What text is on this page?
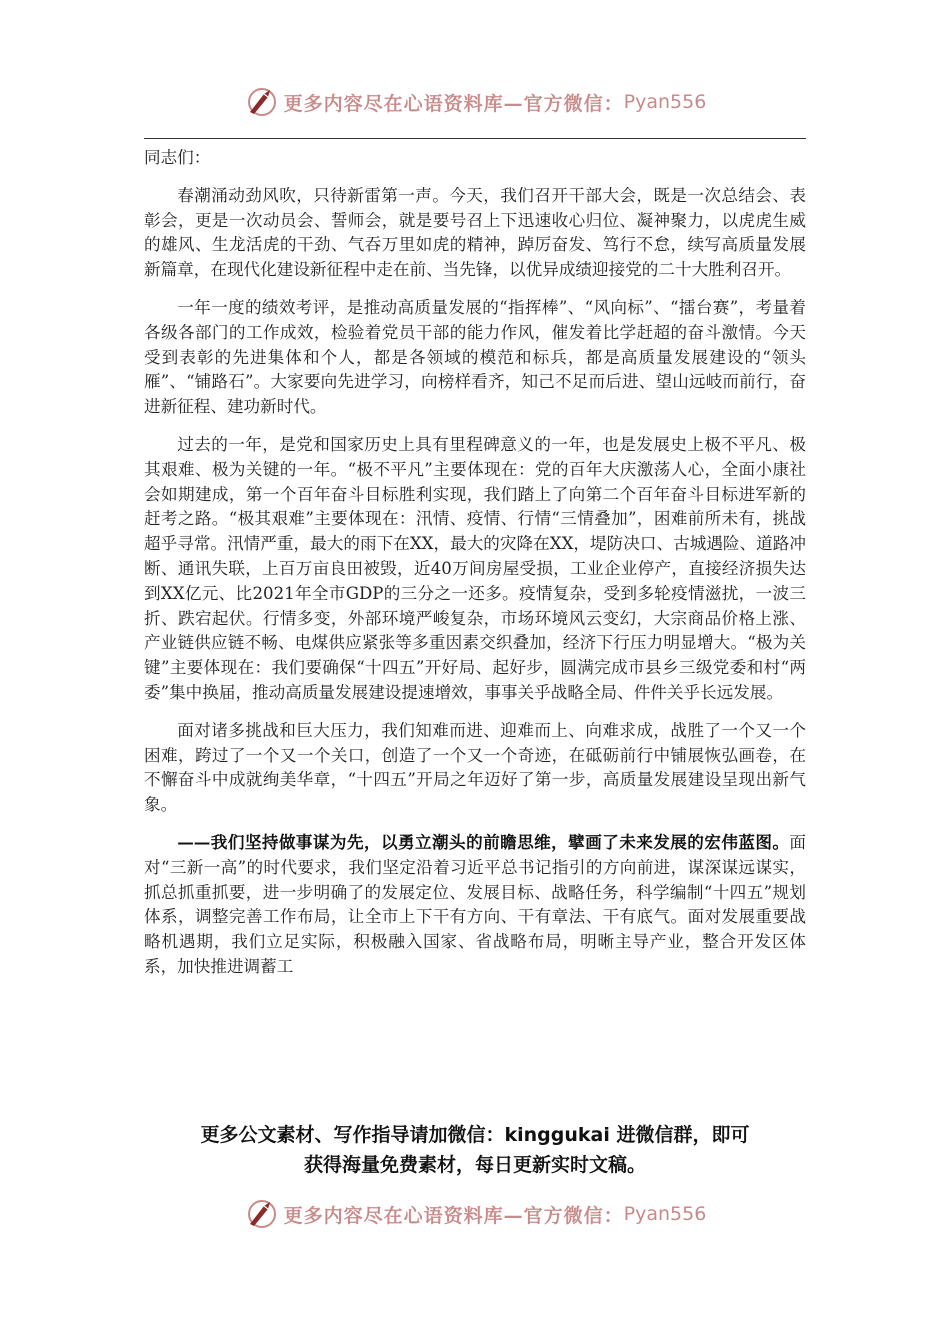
更多内容尽在心语资料库—官方微信： Pyan556

同志们：

春潮涌动劲风吹，只待新雷第一声。今天，我们召开干部大会，既是一次总结会、表彰会，更是一次动员会、誓师会，就是要号召上下迅速收心归位、凝神聚力，以虎虎生威的雄风、生龙活虎的干劲、气吞万里如虎的精神，踔厉奋发、笃行不怠，续写高质量发展新篇章，在现代化建设新征程中走在前、当先锋，以优异成绩迎接党的二十大胜利召开。

一年一度的绩效考评，是推动高质量发展的“指挥棒”、“风向标”、“擂台赛”，考量着各级各部门的工作成效，检验着党员干部的能力作风，催发着比学赶超的奋斗激情。今天受到表彰的先进集体和个人，都是各领域的模范和标兵，都是高质量发展建设的“领头雁”、“铺路石”。大家要向先进学习，向榜样看齐，知己不足而后进、望山远岐而前行，奋进新征程、建功新时代。

过去的一年，是党和国家历史上具有里程碑意义的一年，也是发展史上极不平凡、极其艰难、极为关键的一年。“极不平凡”主要体现在：党的百年大庆激荡人心，全面小康社会如期建成，第一个百年奋斗目标胜利实现，我们踏上了向第二个百年奋斗目标进军新的赶考之路。“极其艰难”主要体现在：汛情、疫情、行情“三情叠加”，困难前所未有，挑战超乎寻常。汛情严重，最大的雨下在XX，最大的灾降在XX，堤防决口、古城遇险、道路冲断、通讯失联，上百万亩良田被毁，近40万间房屋受损，工业企业停产，直接经济损失达到XX亿元、比2021年全市GDP的三分之一还多。疫情复杂，受到多轮疫情滋扰，一波三折、跌宕起伏。行情多变，外部环境严峻复杂，市场环境风云变幻，大宗商品价格上涨、产业链供应链不畅、电煤供应紧张等多重因素交织叠加，经济下行压力明显增大。“极为关键”主要体现在：我们要确保“十四五”开好局、起好步，圆满完成市县乡三级党委和村“两委”集中换届，推动高质量发展建设提速增效，事事关乎战略全局、件件关乎长远发展。

面对诸多挑战和巨大压力，我们知难而进、迎难而上、向难求成，战胜了一个又一个困难，跨过了一个又一个关口，创造了一个又一个奇迹，在砥砺前行中铺展恢弘画卷，在不懈奋斗中成就绚美华章，“十四五”开局之年迈好了第一步，高质量发展建设呈现出新气象。

——我们坚持做事谋为先，以勇立潮头的前瞻思维，擘画了未来发展的宏伟蓝图。面对“三新一高”的时代要求，我们坚定沿着习近平总书记指引的方向前进，谋深谋远谋实，抓总抓重抓要，进一步明确了的发展定位、发展目标、战略任务，科学编制“十四五”规划体系，调整完善工作布局，让全市上下干有方向、干有章法、干有底气。面对发展重要战略机遇期，我们立足实际，积极融入国家、省战略布局，明晰主导产业，整合开发区体系，加快推进调蓄工

更多公文素材、写作指导请加微信：kinggukai 进微信群，即可
获得海量免费素材，每日更新实时文稿。
更多内容尽在心语资料库—官方微信： Pyan556
